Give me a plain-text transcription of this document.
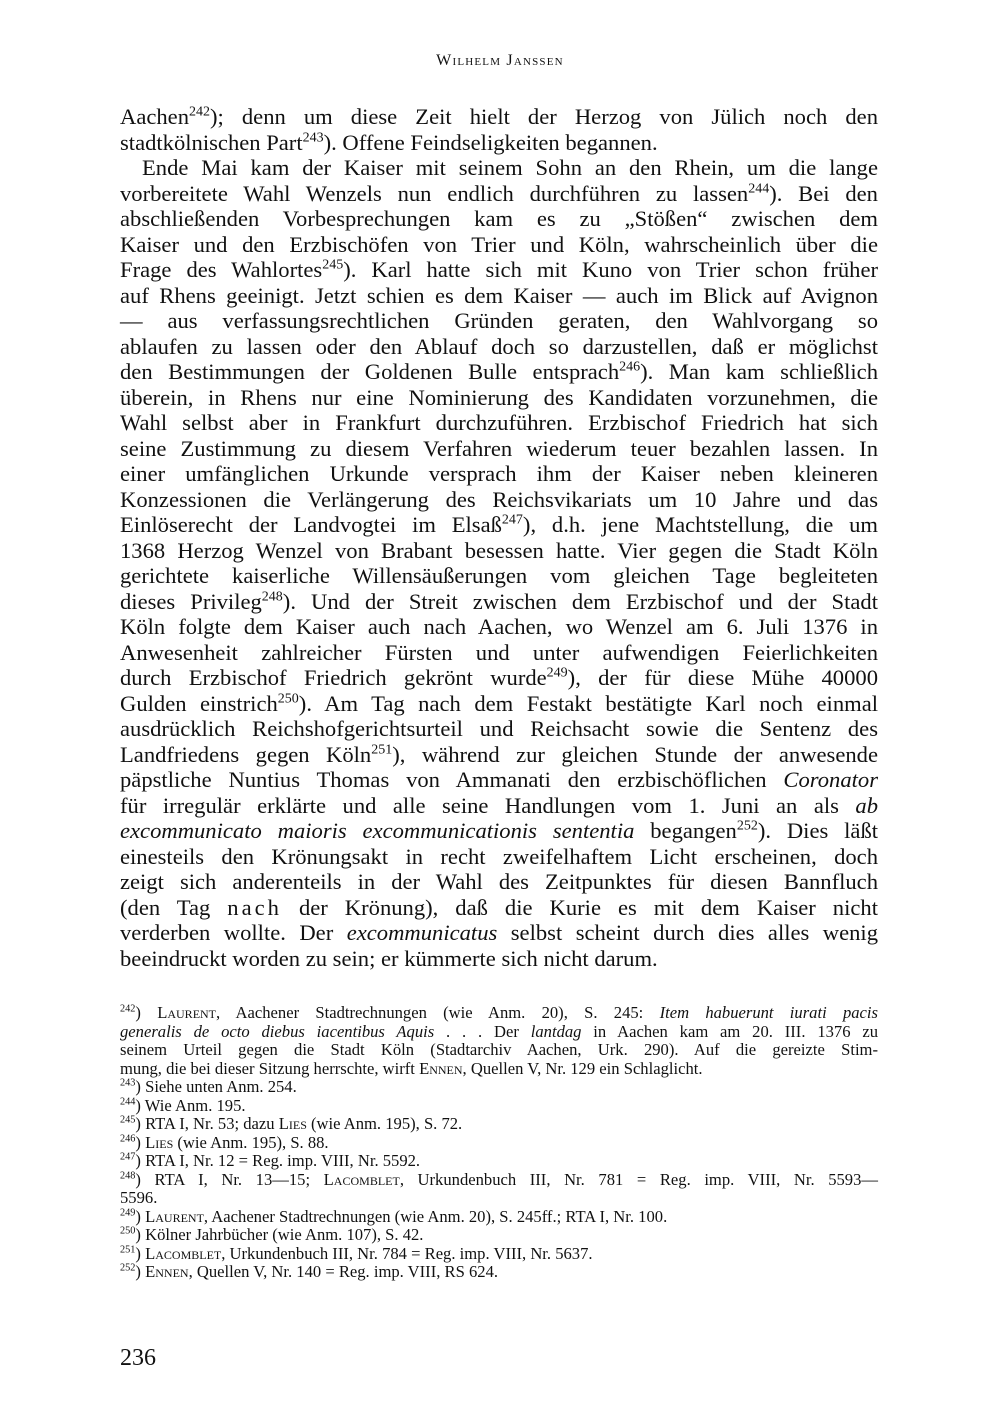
Wilhelm Janssen
Aachen$^{242}$); denn um diese Zeit hielt der Herzog von Jülich noch den
stadtkölnischen Part$^{243}$). Offene Feindseligkeiten begannen.
Ende Mai kam der Kaiser mit seinem Sohn an den Rhein, um die lange
vorbereitete Wahl Wenzels nun endlich durchführen zu lassen$^{244}$). Bei den
abschließenden Vorbesprechungen kam es zu „Stößen“ zwischen dem
Kaiser und den Erzbischöfen von Trier und Köln, wahrscheinlich über die
Frage des Wahlortes$^{245}$). Karl hatte sich mit Kuno von Trier schon früher
auf Rhens geeinigt. Jetzt schien es dem Kaiser — auch im Blick auf Avignon
— aus verfassungsrechtlichen Gründen geraten, den Wahlvorgang so
ablaufen zu lassen oder den Ablauf doch so darzustellen, daß er möglichst
den Bestimmungen der Goldenen Bulle entsprach$^{246}$). Man kam schließlich
überein, in Rhens nur eine Nominierung des Kandidaten vorzunehmen, die
Wahl selbst aber in Frankfurt durchzuführen. Erzbischof Friedrich hat sich
seine Zustimmung zu diesem Verfahren wiederum teuer bezahlen lassen. In
einer umfänglichen Urkunde versprach ihm der Kaiser neben kleineren
Konzessionen die Verlängerung des Reichsvikariats um 10 Jahre und das
Einlöserecht der Landvogtei im Elsaß$^{247}$), d.h. jene Machtstellung, die um
1368 Herzog Wenzel von Brabant besessen hatte. Vier gegen die Stadt Köln
gerichtete kaiserliche Willensäußerungen vom gleichen Tage begleiteten
dieses Privileg$^{248}$). Und der Streit zwischen dem Erzbischof und der Stadt
Köln folgte dem Kaiser auch nach Aachen, wo Wenzel am 6. Juli 1376 in
Anwesenheit zahlreicher Fürsten und unter aufwendigen Feierlichkeiten
durch Erzbischof Friedrich gekrönt wurde$^{249}$), der für diese Mühe 40000
Gulden einstrich$^{250}$). Am Tag nach dem Festakt bestätigte Karl noch einmal
ausdrücklich Reichshofgerichtsurteil und Reichsacht sowie die Sentenz des
Landfriedens gegen Köln$^{251}$), während zur gleichen Stunde der anwesende
päpstliche Nuntius Thomas von Ammanati den erzbischöflichen Coronator
für irregulär erklärte und alle seine Handlungen vom 1. Juni an als ab
excommunicato maioris excommunicationis sententia begangen$^{252}$). Dies läßt
einesteils den Krönungsakt in recht zweifelhaftem Licht erscheinen, doch
zeigt sich anderenteils in der Wahl des Zeitpunktes für diesen Bannfluch
(den Tag nach der Krönung), daß die Kurie es mit dem Kaiser nicht
verderben wollte. Der excommunicatus selbst scheint durch dies alles wenig
beeindruckt worden zu sein; er kümmerte sich nicht darum.
$^{242}$) Laurent, Aachener Stadtrechnungen (wie Anm. 20), S. 245: Item habuerunt iurati pacis
generalis de octo diebus iacentibus Aquis . . . Der lantdag in Aachen kam am 20. III. 1376 zu
seinem Urteil gegen die Stadt Köln (Stadtarchiv Aachen, Urk. 290). Auf die gereizte Stim-
mung, die bei dieser Sitzung herrschte, wirft Ennen, Quellen V, Nr. 129 ein Schlaglicht.
$^{243}$) Siehe unten Anm. 254.
$^{244}$) Wie Anm. 195.
$^{245}$) RTA I, Nr. 53; dazu Lies (wie Anm. 195), S. 72.
$^{246}$) Lies (wie Anm. 195), S. 88.
$^{247}$) RTA I, Nr. 12 = Reg. imp. VIII, Nr. 5592.
$^{248}$) RTA I, Nr. 13—15; Lacomblet, Urkundenbuch III, Nr. 781 = Reg. imp. VIII, Nr. 5593—
5596.
$^{249}$) Laurent, Aachener Stadtrechnungen (wie Anm. 20), S. 245ff.; RTA I, Nr. 100.
$^{250}$) Kölner Jahrbücher (wie Anm. 107), S. 42.
$^{251}$) Lacomblet, Urkundenbuch III, Nr. 784 = Reg. imp. VIII, Nr. 5637.
$^{252}$) Ennen, Quellen V, Nr. 140 = Reg. imp. VIII, RS 624.
236
